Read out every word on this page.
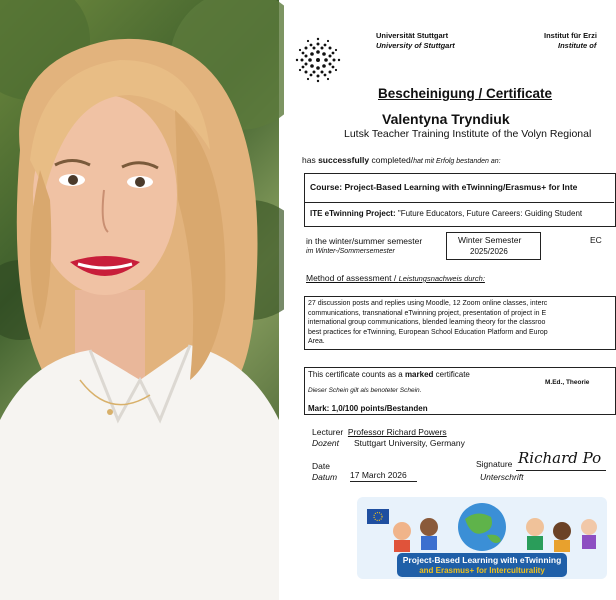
Universität Stuttgart
University of Stuttgart
Institut für Erzi
Institute of
Bescheinigung / Certificate
Valentyna Tryndiuk
Lutsk Teacher Training Institute of the Volyn Regional
has successfully completed/hat mit Erfolg bestanden an:
Course: Project-Based Learning with eTwinning/Erasmus+ for Inte
ITE eTwinning Project: "Future Educators, Future Careers: Guiding Student
in the winter/summer semester
im Winter-/Sommersemester
Winter Semester
2025/2026
EC
Method of assessment / Leistungsnachweis durch:
27 discussion posts and replies using Moodle, 12 Zoom online classes, interc
communications, transnational eTwinning project, presentation of project in E
international group communications, blended learning theory for the classroo
best practices for eTwinning, European School Education Platform and Europ
Area.
This certificate counts as a marked certificate
Dieser Schein gilt als benoteter Schein.
M.Ed., Theorie
Mark: 1,0/100 points/Bestanden
Lecturer Professor Richard Powers
Dozent Stuttgart University, Germany
Date
Datum 17 March 2026
Signature
Unterschrift
Richard Po
Project-Based Learning with eTwinning
and Erasmus+ for Interculturality
